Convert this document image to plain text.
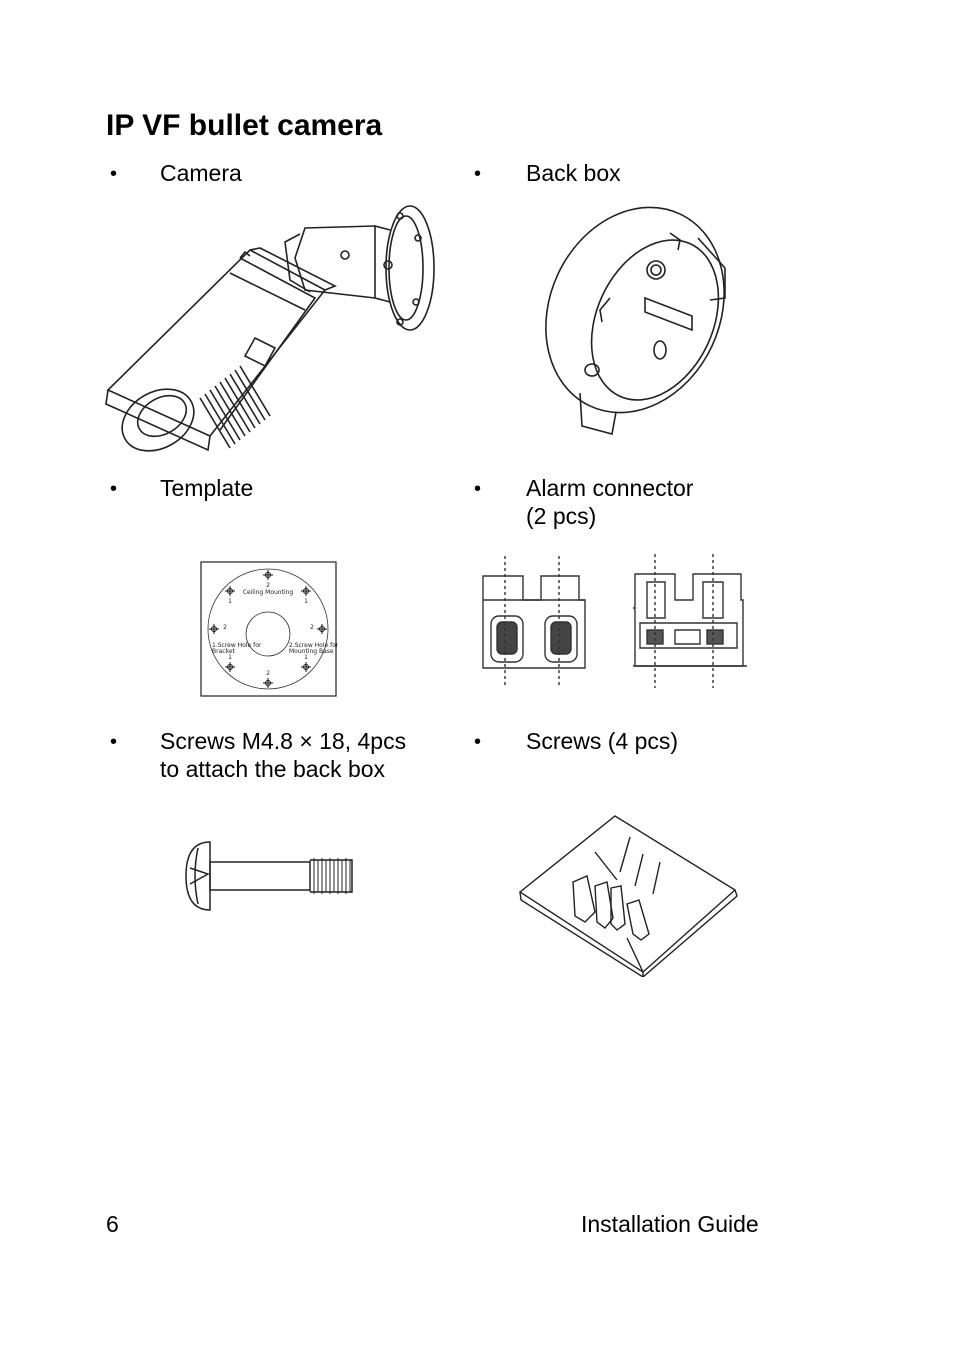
IP VF bullet camera
• Camera	• Back box
• Template	• Alarm connector
(2 pcs)
2
Ceiling Mounting
1	1
2	2
1.Screw Hole for
Bracket
2.Screw Hole for
Mounting Base
1	1
2
• Screws M4.8 × 18, 4pcs
to attach the back box
• Screws (4 pcs)
6	Installation Guide
